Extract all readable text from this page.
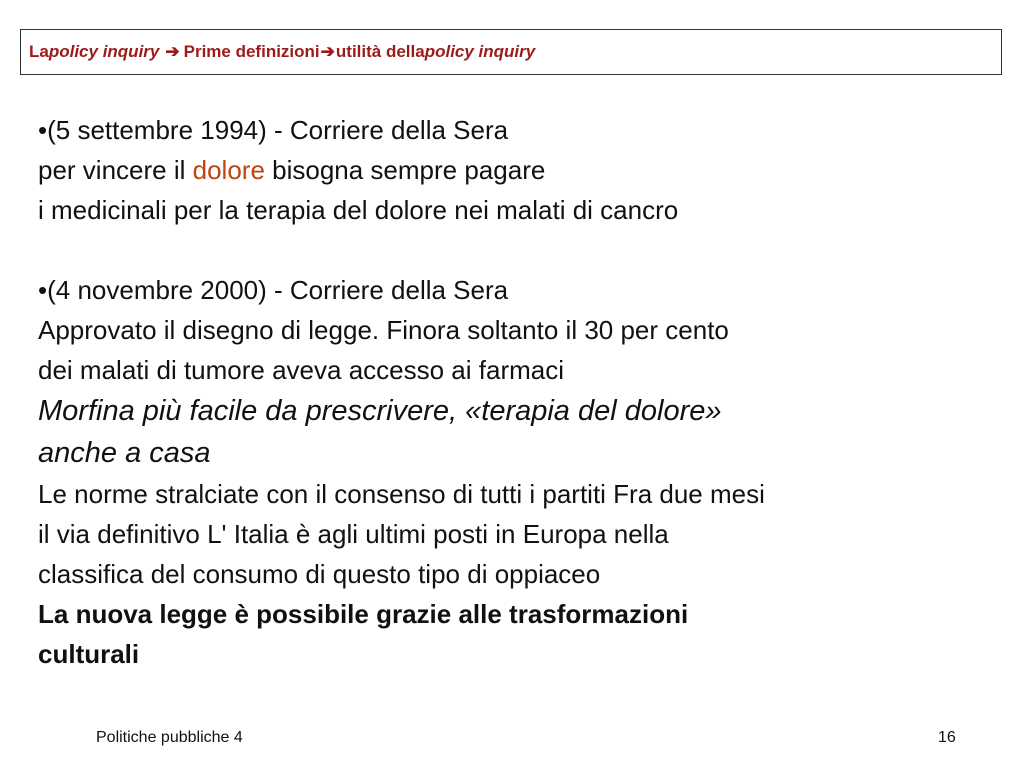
La policy inquiry ➔ Prime definizioni ➔ utilità della policy inquiry
•(5 settembre 1994) - Corriere della Sera
per vincere il dolore bisogna sempre pagare
i medicinali per la terapia del dolore nei malati di cancro
•(4 novembre 2000) - Corriere della Sera
Approvato il disegno di legge. Finora soltanto il 30 per cento
dei malati di tumore aveva accesso ai farmaci
Morfina più facile da prescrivere, «terapia del dolore»
anche a casa
Le norme stralciate con il consenso di tutti i partiti Fra due mesi
il via definitivo L' Italia è agli ultimi posti in Europa nella
classifica del consumo di questo tipo di oppiaceo
La nuova legge è possibile grazie alle trasformazioni
culturali
Politiche pubbliche 4	16
